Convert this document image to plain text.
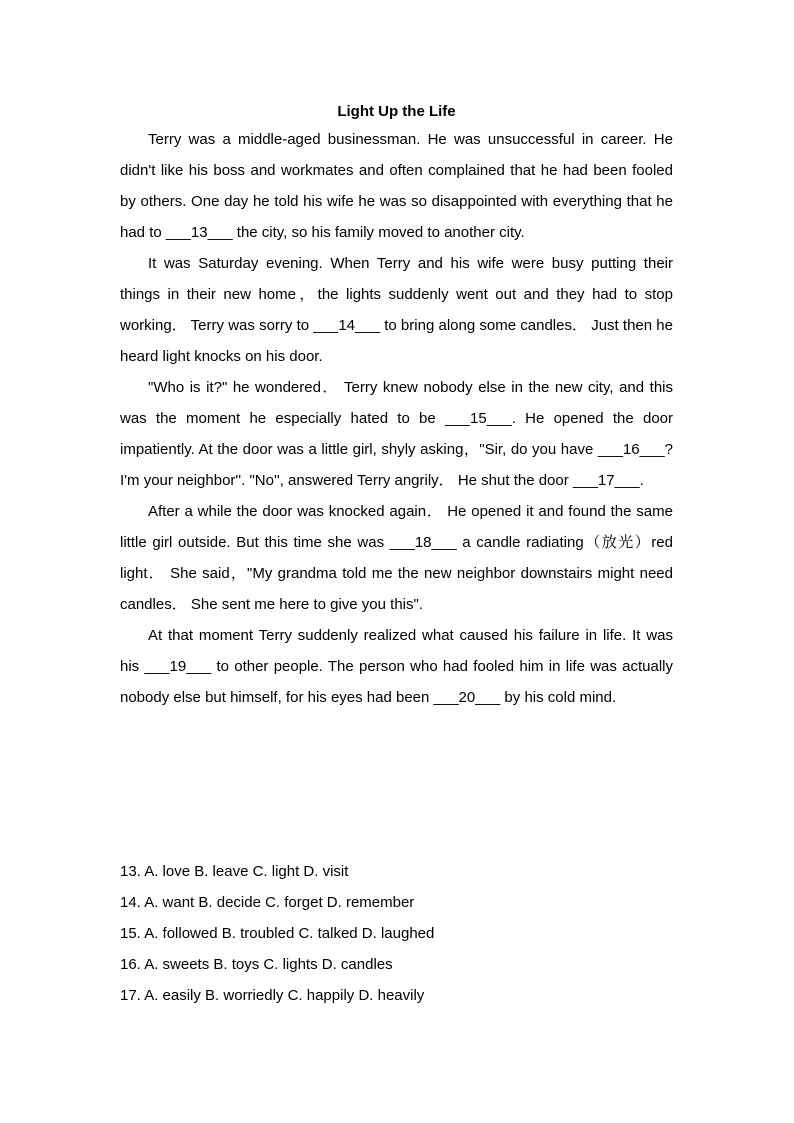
Light Up the Life

Terry was a middle-aged businessman. He was unsuccessful in career. He didn't like his boss and workmates and often complained that he had been fooled by others. One day he told his wife he was so disappointed with everything that he had to ___13___ the city, so his family moved to another city.

It was Saturday evening. When Terry and his wife were busy putting their things in their new home，the lights suddenly went out and they had to stop working． Terry was sorry to ___14___ to bring along some candles． Just then he heard light knocks on his door.

"Who is it?" he wondered． Terry knew nobody else in the new city, and this was the moment he especially hated to be ___15___. He opened the door impatiently. At the door was a little girl, shyly asking，"Sir, do you have ___16___? I'm your neighbor''. "No'', answered Terry angrily． He shut the door ___17___.

After a while the door was knocked again． He opened it and found the same little girl outside. But this time she was ___18___ a candle radiating（放光）red light． She said，"My grandma told me the new neighbor downstairs might need candles． She sent me here to give you this".

At that moment Terry suddenly realized what caused his failure in life. It was his ___19___ to other people. The person who had fooled him in life was actually nobody else but himself, for his eyes had been ___20___ by his cold mind.

13. A. love B. leave C. light D. visit
14. A. want B. decide C. forget D. remember
15. A. followed B. troubled C. talked D. laughed
16. A. sweets B. toys C. lights D. candles
17. A. easily B. worriedly C. happily D. heavily
